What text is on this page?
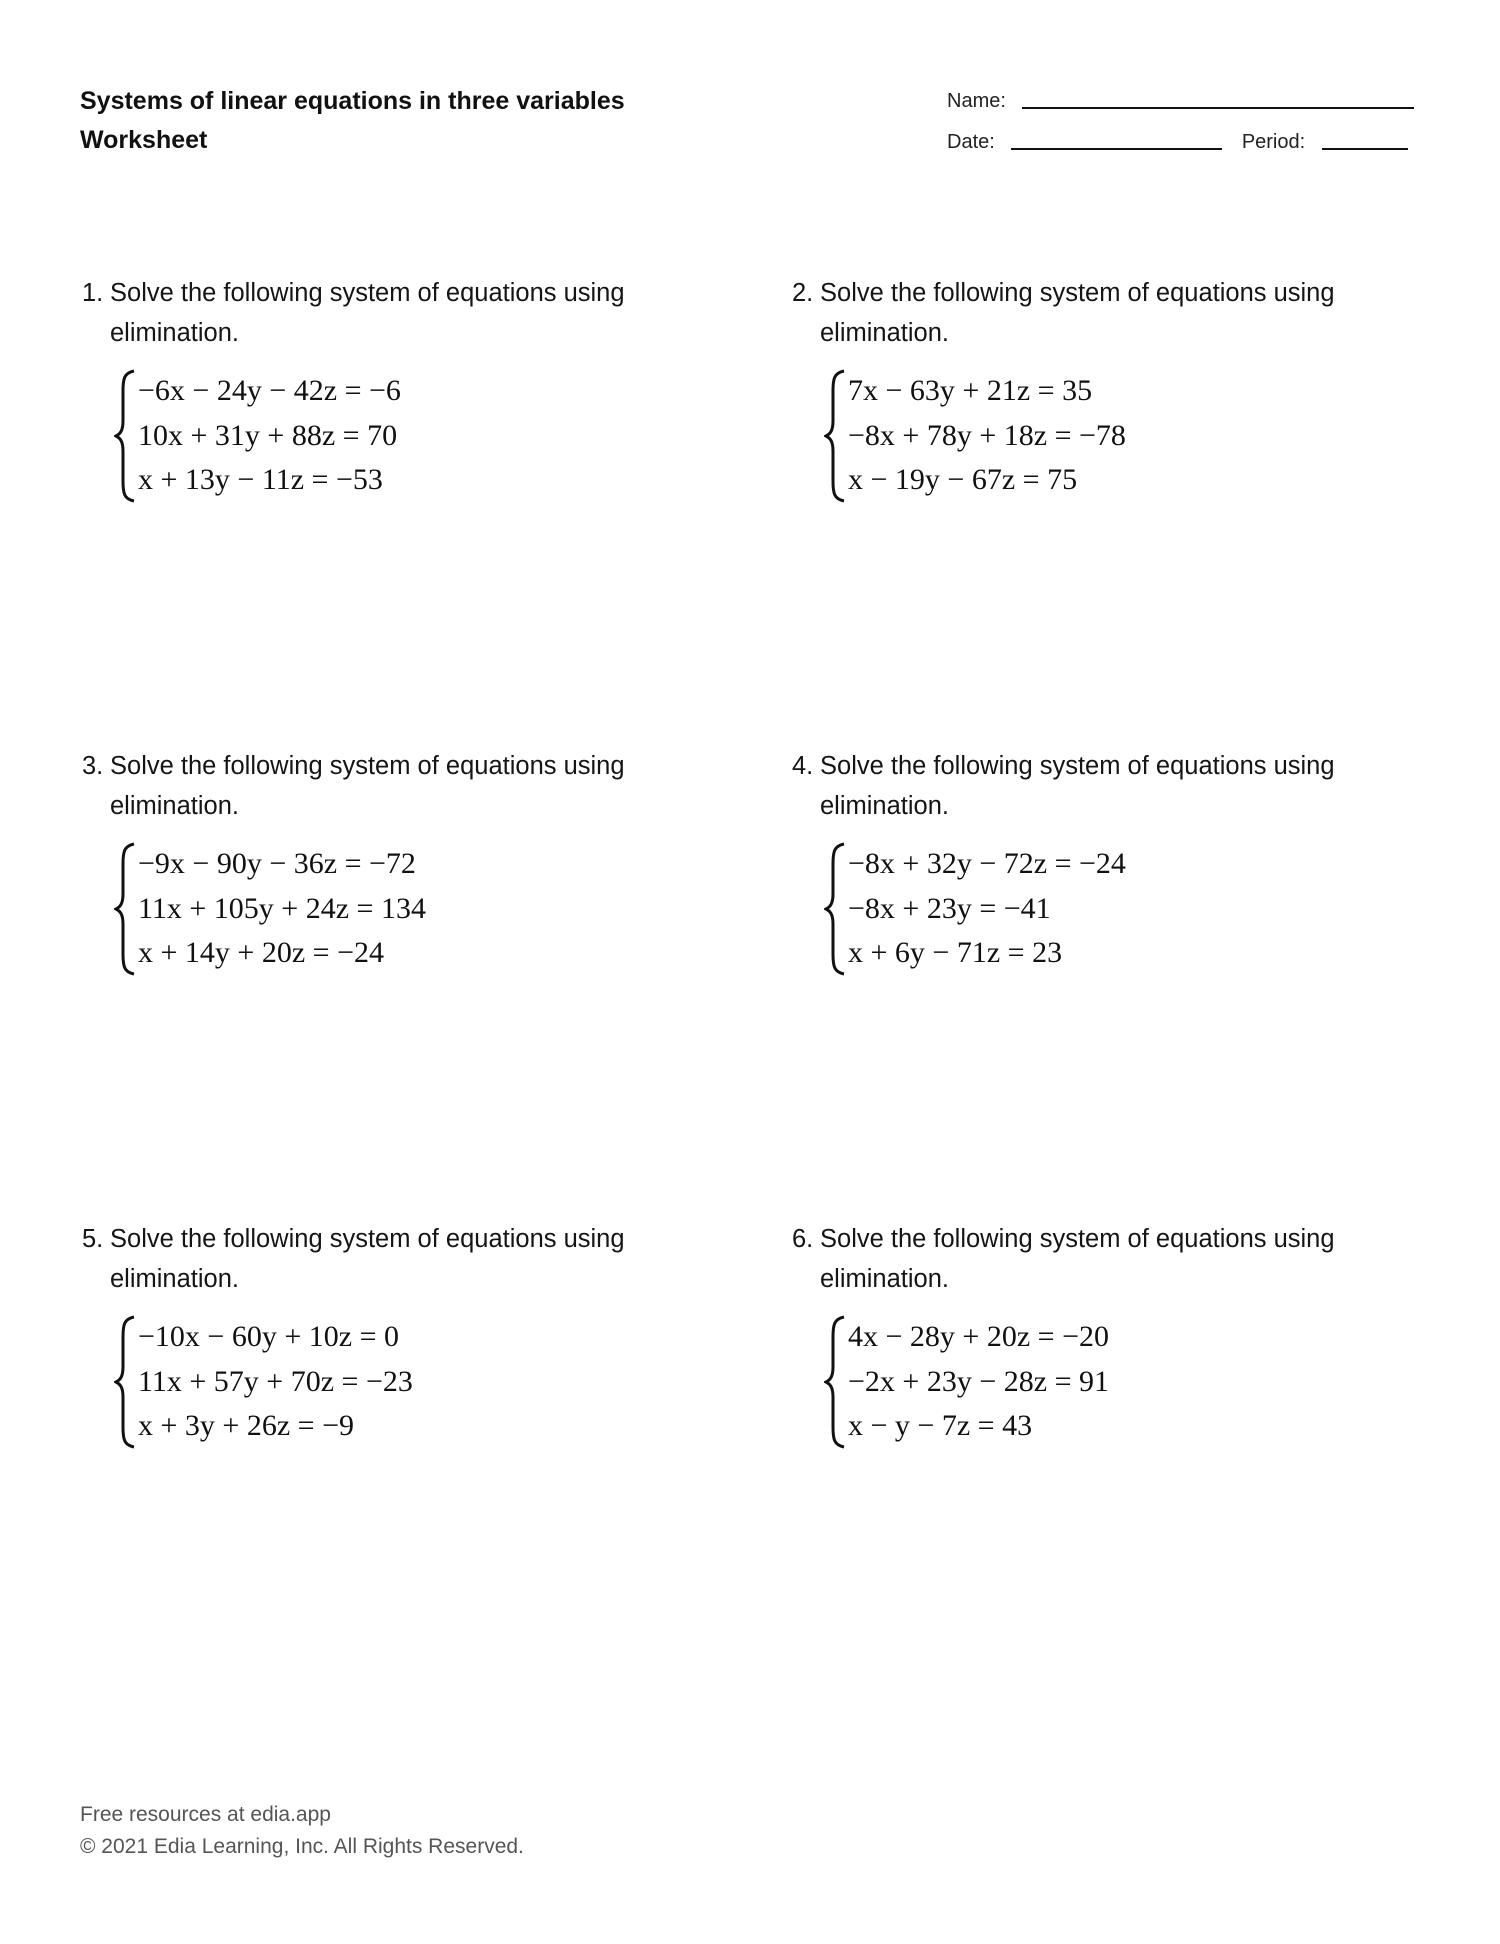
Systems of linear equations in three variables
Worksheet
Name:
Date:	Period:
1. Solve the following system of equations using elimination.
−6x − 24y − 42z = −6
10x + 31y + 88z = 70
x + 13y − 11z = −53
2. Solve the following system of equations using elimination.
7x − 63y + 21z = 35
−8x + 78y + 18z = −78
x − 19y − 67z = 75
3. Solve the following system of equations using elimination.
−9x − 90y − 36z = −72
11x + 105y + 24z = 134
x + 14y + 20z = −24
4. Solve the following system of equations using elimination.
−8x + 32y − 72z = −24
−8x + 23y = −41
x + 6y − 71z = 23
5. Solve the following system of equations using elimination.
−10x − 60y + 10z = 0
11x + 57y + 70z = −23
x + 3y + 26z = −9
6. Solve the following system of equations using elimination.
4x − 28y + 20z = −20
−2x + 23y − 28z = 91
x − y − 7z = 43
Free resources at edia.app
© 2021 Edia Learning, Inc. All Rights Reserved.
